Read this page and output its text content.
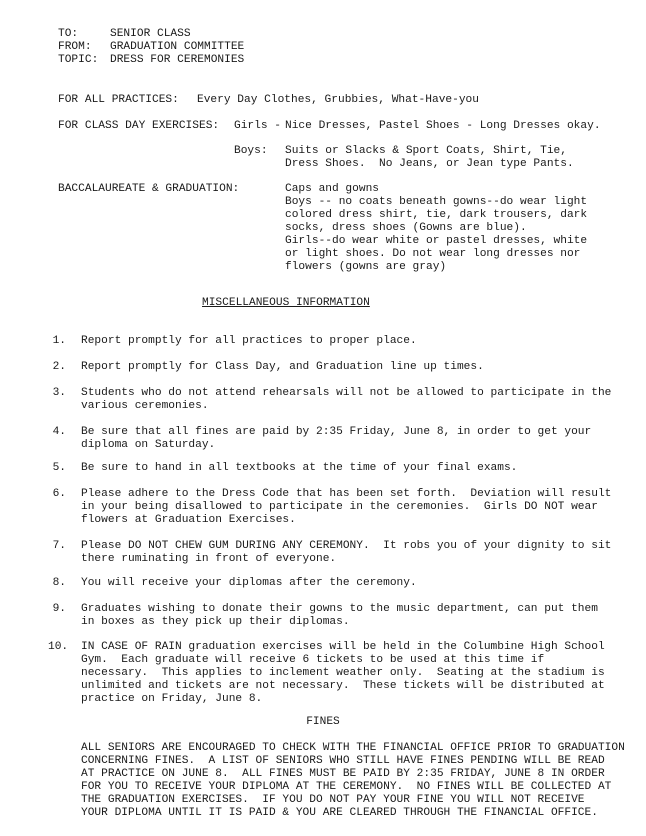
TO:	SENIOR CLASS
FROM: GRADUATION COMMITTEE
TOPIC: DRESS FOR CEREMONIES
FOR ALL PRACTICES: Every Day Clothes, Grubbies, What-Have-you
FOR CLASS DAY EXERCISES: Girls - Nice Dresses, Pastel Shoes - Long Dresses okay.
Boys: Suits or Slacks & Sport Coats, Shirt, Tie,
Dress Shoes.  No Jeans, or Jean type Pants.
BACCALAUREATE & GRADUATION:	Caps and gowns
Boys -- no coats beneath gowns--do wear light
colored dress shirt, tie, dark trousers, dark
socks, dress shoes (Gowns are blue).
Girls--do wear white or pastel dresses, white
or light shoes. Do not wear long dresses nor
flowers (gowns are gray)
MISCELLANEOUS INFORMATION
1. Report promptly for all practices to proper place.
2. Report promptly for Class Day, and Graduation line up times.
3. Students who do not attend rehearsals will not be allowed to participate in the
various ceremonies.
4. Be sure that all fines are paid by 2:35 Friday, June 8, in order to get your
diploma on Saturday.
5. Be sure to hand in all textbooks at the time of your final exams.
6. Please adhere to the Dress Code that has been set forth.  Deviation will result
in your being disallowed to participate in the ceremonies.  Girls DO NOT wear
flowers at Graduation Exercises.
7. Please DO NOT CHEW GUM DURING ANY CEREMONY.  It robs you of your dignity to sit
there ruminating in front of everyone.
8. You will receive your diplomas after the ceremony.
9. Graduates wishing to donate their gowns to the music department, can put them
in boxes as they pick up their diplomas.
10. IN CASE OF RAIN graduation exercises will be held in the Columbine High School
Gym.  Each graduate will receive 6 tickets to be used at this time if
necessary.  This applies to inclement weather only.  Seating at the stadium is
unlimited and tickets are not necessary.  These tickets will be distributed at
practice on Friday, June 8.
FINES
ALL SENIORS ARE ENCOURAGED TO CHECK WITH THE FINANCIAL OFFICE PRIOR TO GRADUATION
CONCERNING FINES.  A LIST OF SENIORS WHO STILL HAVE FINES PENDING WILL BE READ
AT PRACTICE ON JUNE 8.  ALL FINES MUST BE PAID BY 2:35 FRIDAY, JUNE 8 IN ORDER
FOR YOU TO RECEIVE YOUR DIPLOMA AT THE CEREMONY.  NO FINES WILL BE COLLECTED AT
THE GRADUATION EXERCISES.  IF YOU DO NOT PAY YOUR FINE YOU WILL NOT RECEIVE
YOUR DIPLOMA UNTIL IT IS PAID & YOU ARE CLEARED THROUGH THE FINANCIAL OFFICE.
